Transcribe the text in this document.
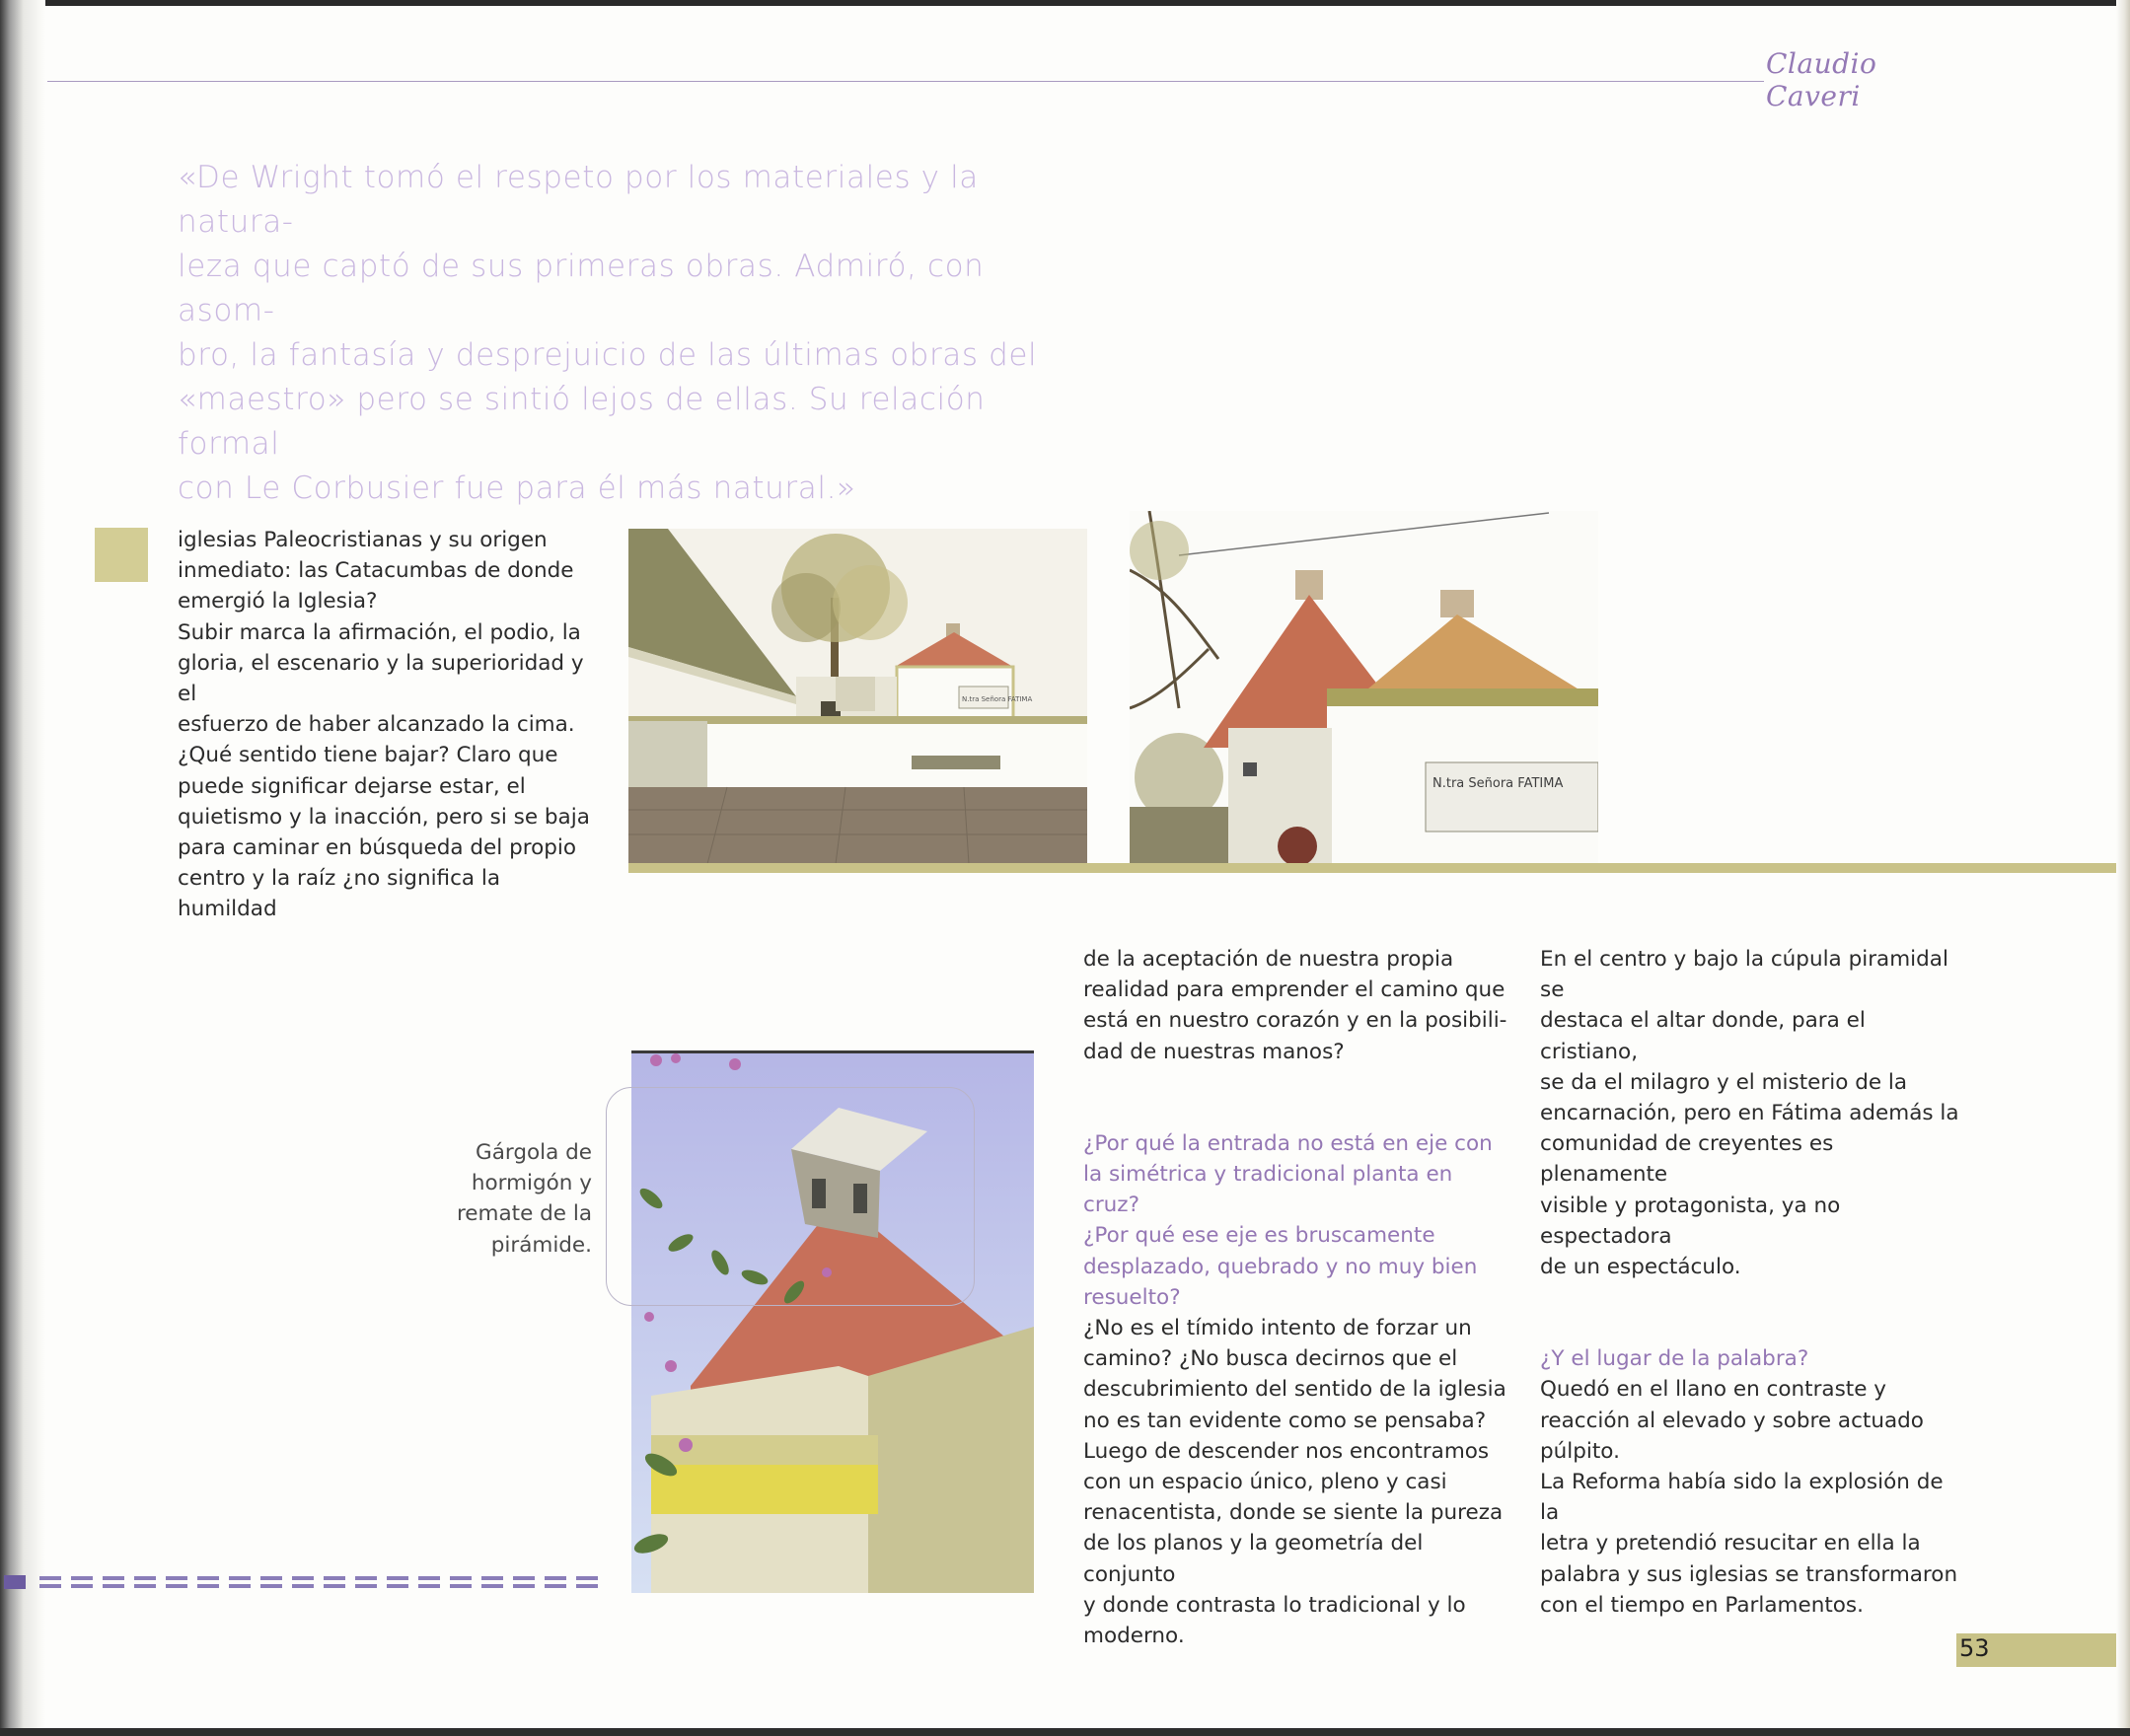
Claudio Caveri

«De Wright tomó el respeto por los materiales y la natura-

leza que captó de sus primeras obras. Admiró, con asom-

bro, la fantasía y desprejuicio de las últimas obras del

«maestro» pero se sintió lejos de ellas. Su relación formal

con Le Corbusier fue para él más natural.»

iglesias Paleocristianas y su origen

inmediato: las Catacumbas de donde

emergió la Iglesia?

Subir marca la afirmación, el podio, la

gloria, el escenario y la superioridad y el

esfuerzo de haber alcanzado la cima.

¿Qué sentido tiene bajar? Claro que

puede significar dejarse estar, el

quietismo y la inacción, pero si se baja

para caminar en búsqueda del propio

centro y la raíz ¿no significa la humildad

N.tra Señora FATIMA
N.tra Señora FATIMA
Gárgola de
hormigón y
remate de la
pirámide.

de la aceptación de nuestra propia

realidad para emprender el camino que

está en nuestro corazón y en la posibili-

dad de nuestras manos?

¿Por qué la entrada no está en eje con

la simétrica y tradicional planta en cruz?

¿Por qué ese eje es bruscamente

desplazado, quebrado y no muy bien

resuelto?

¿No es el tímido intento de forzar un

camino? ¿No busca decirnos que el

descubrimiento del sentido de la iglesia

no es tan evidente como se pensaba?

Luego de descender nos encontramos

con un espacio único, pleno y casi

renacentista, donde se siente la pureza

de los planos y la geometría del conjunto

y donde contrasta lo tradicional y lo

moderno.

En el centro y bajo la cúpula piramidal se

destaca el altar donde, para el cristiano,

se da el milagro y el misterio de la

encarnación, pero en Fátima además la

comunidad de creyentes es plenamente

visible y protagonista, ya no espectadora

de un espectáculo.

¿Y el lugar de la palabra?

Quedó en el llano en contraste y

reacción al elevado y sobre actuado

púlpito.

La Reforma había sido la explosión de la

letra y pretendió resucitar en ella la

palabra y sus iglesias se transformaron

con el tiempo en Parlamentos.

53
